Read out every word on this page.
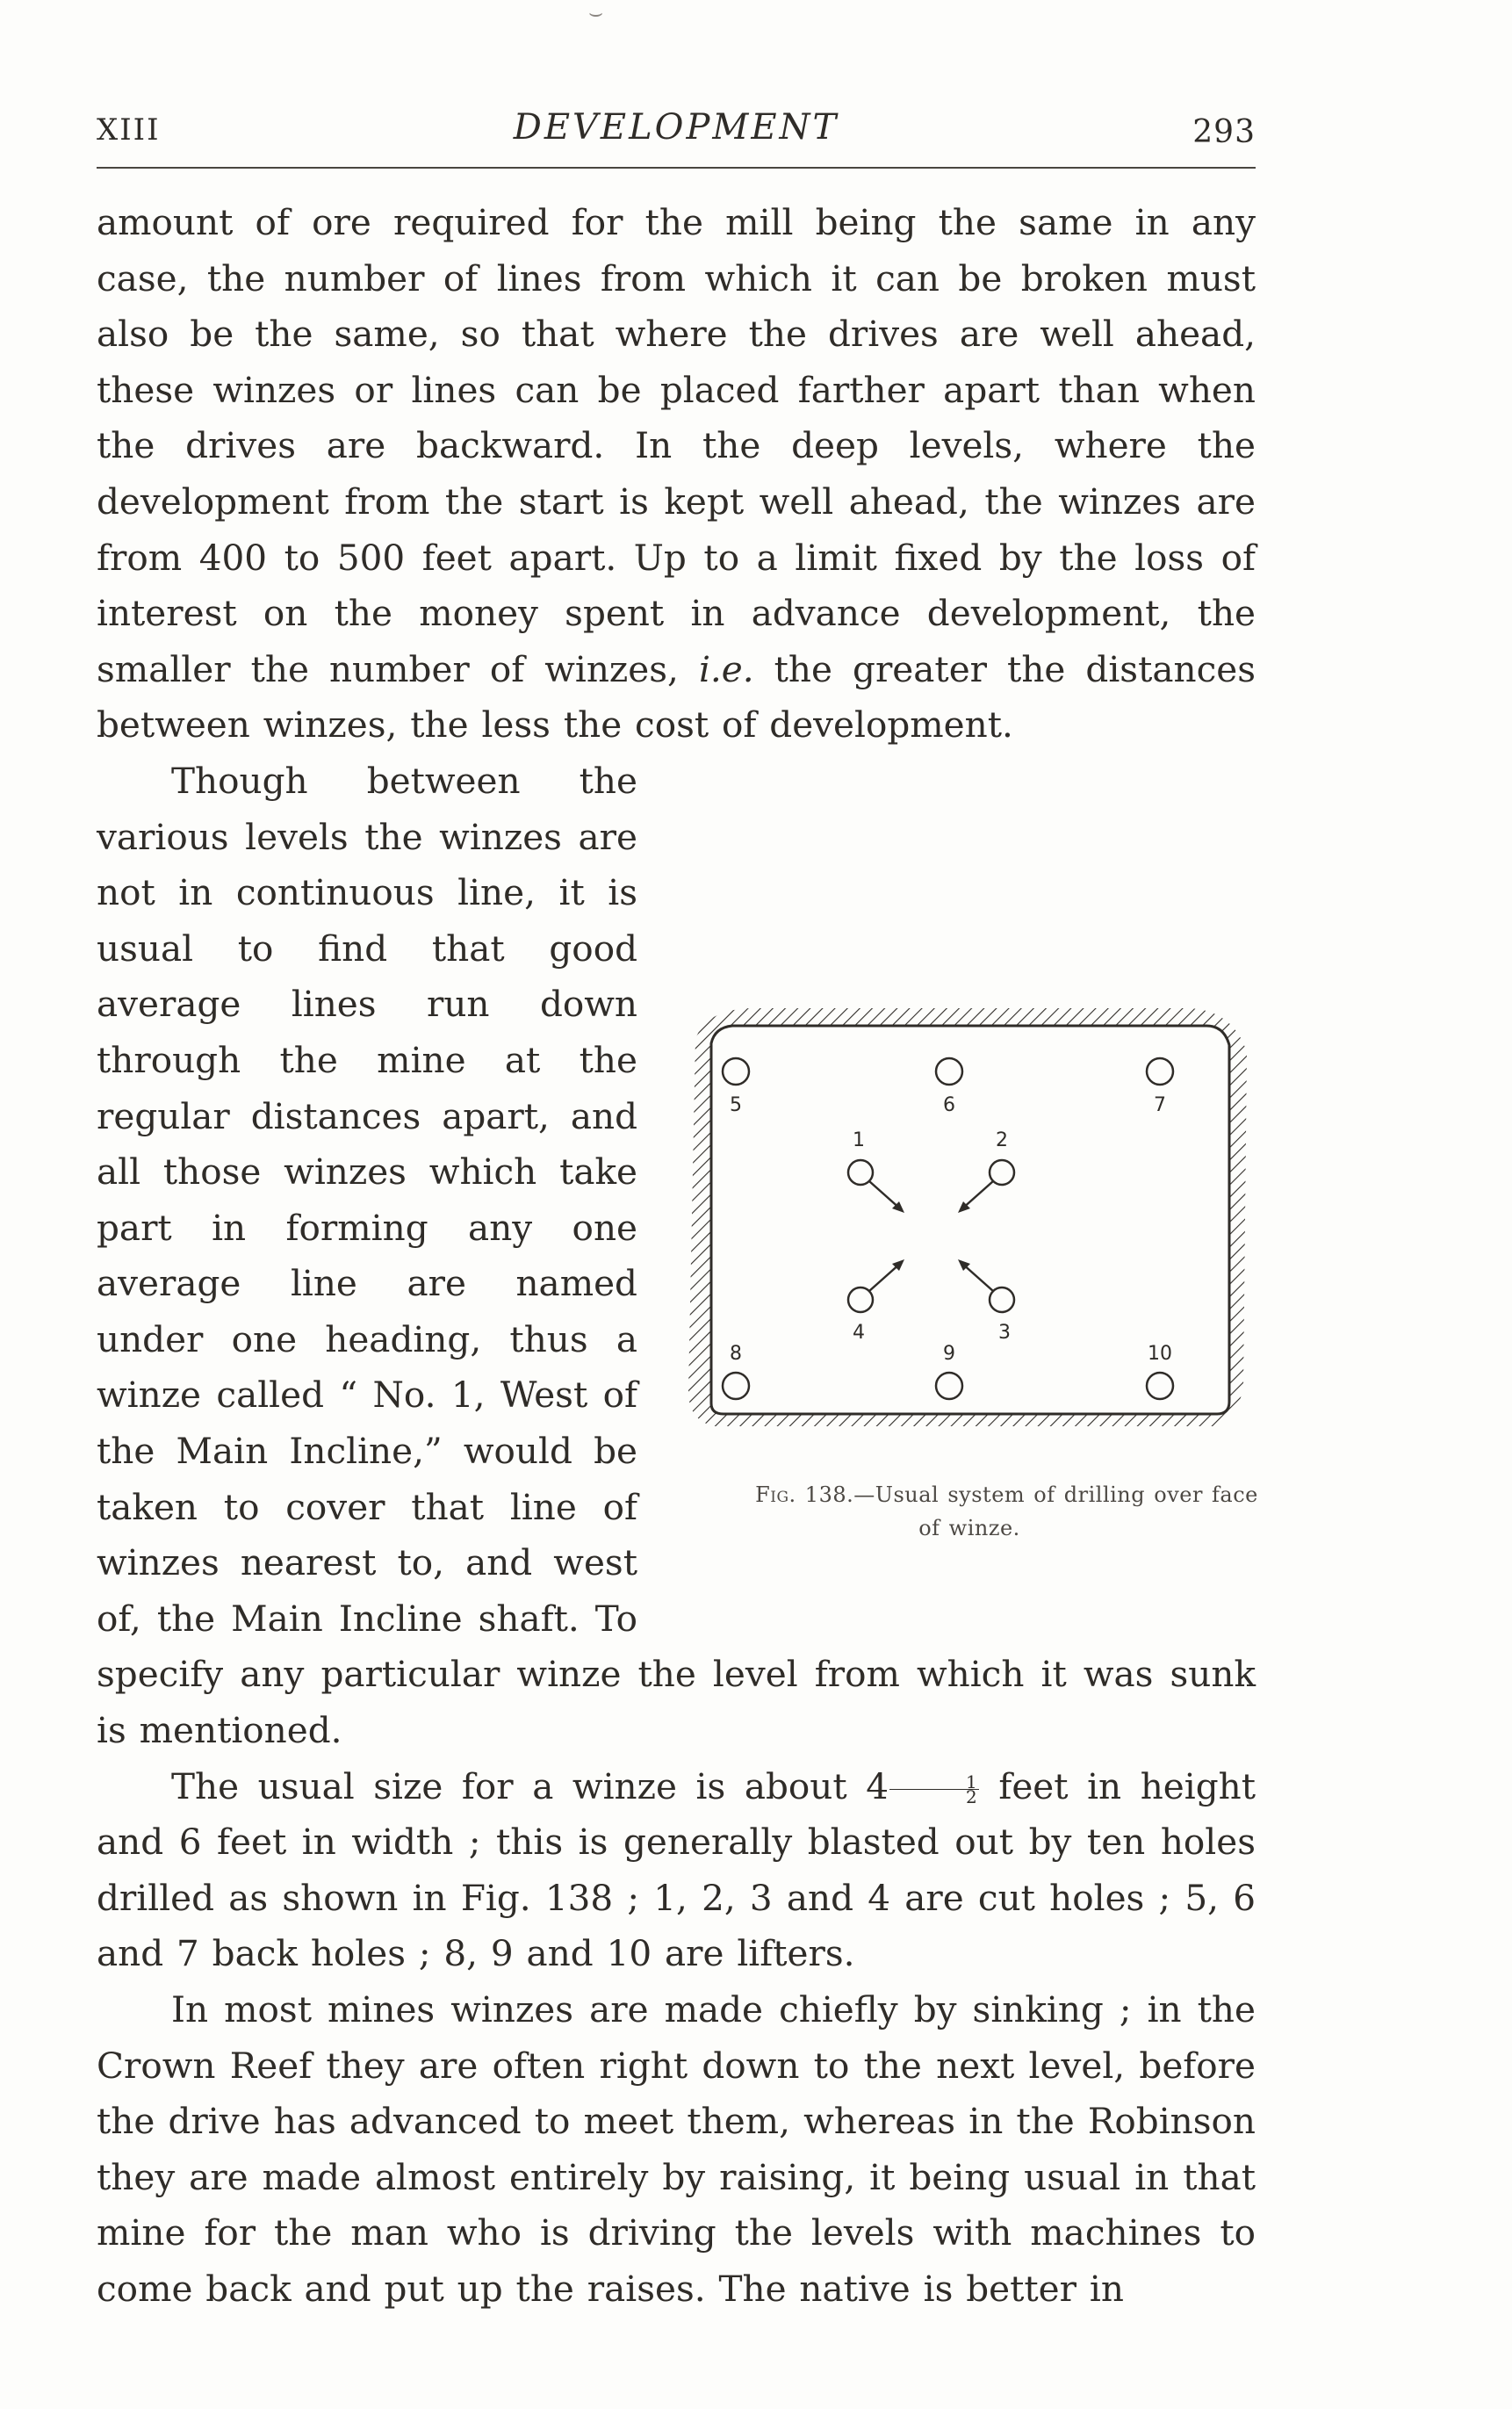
⌣
XIII	DEVELOPMENT	293

amount of ore required for the mill being the same in any case, the number of lines from which it can be broken must also be the same, so that where the drives are well ahead, these winzes or lines can be placed farther apart than when the drives are backward. In the deep levels, where the development from the start is kept well ahead, the winzes are from 400 to 500 feet apart. Up to a limit fixed by the loss of interest on the money spent in advance development, the smaller the number of winzes, i.e. the greater the distances between winzes, the less the cost of development.

5	6	7
1	2
4	3
8	9	10
Fig. 138.—Usual system of drilling over face of winze.
Though between the various levels the winzes are not in continuous line, it is usual to find that good average lines run down through the mine at the regular distances apart, and all those winzes which take part in forming any one average line are named under one heading, thus a winze called “ No. 1, West of the Main Incline,” would be taken to cover that line of winzes nearest to, and west of, the Main Incline shaft. To specify any particular winze the level from which it was sunk is mentioned.

The usual size for a winze is about $4 \frac{1}{2}$ feet in height and 6 feet in width ; this is generally blasted out by ten holes drilled as shown in Fig. 138 ; 1, 2, 3 and 4 are cut holes ; 5, 6 and 7 back holes ; 8, 9 and 10 are lifters.

In most mines winzes are made chiefly by sinking ; in the Crown Reef they are often right down to the next level, before the drive has advanced to meet them, whereas in the Robinson they are made almost entirely by raising, it being usual in that mine for the man who is driving the levels with machines to come back and put up the raises. The native is better in
